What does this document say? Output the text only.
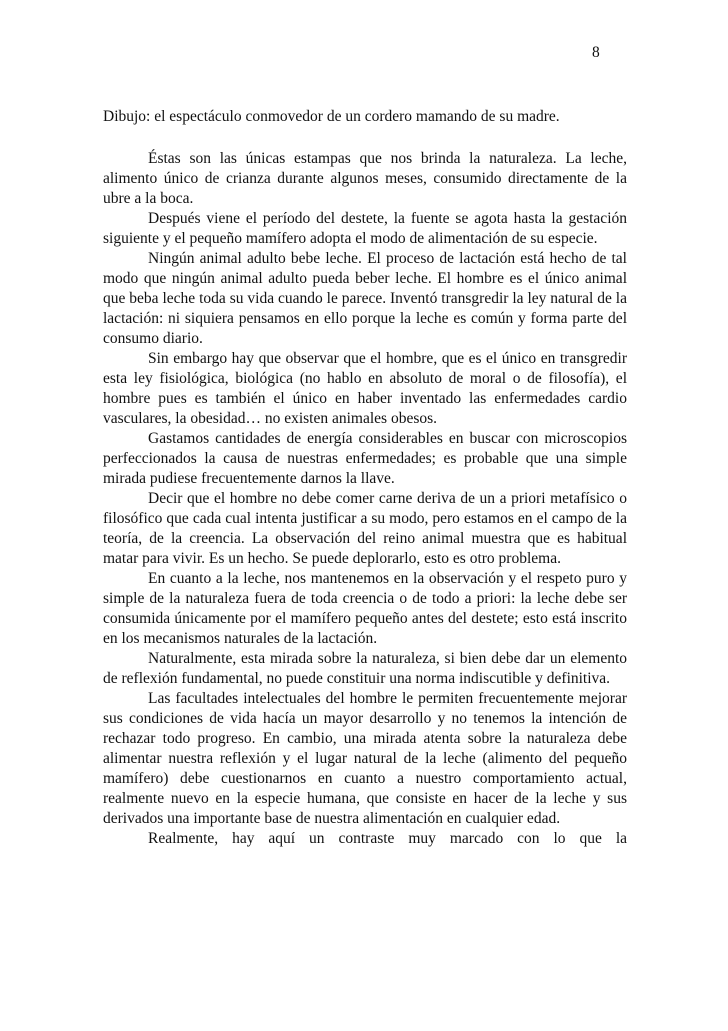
8
Dibujo: el espectáculo conmovedor de un cordero mamando de su madre.

Éstas son las únicas estampas que nos brinda la naturaleza. La leche, alimento único de crianza durante algunos meses, consumido directamente de la ubre a la boca.

Después viene el período del destete, la fuente se agota hasta la gestación siguiente y el pequeño mamífero adopta el modo de alimentación de su especie.

Ningún animal adulto bebe leche. El proceso de lactación está hecho de tal modo que ningún animal adulto pueda beber leche. El hombre es el único animal que beba leche toda su vida cuando le parece. Inventó transgredir la ley natural de la lactación: ni siquiera pensamos en ello porque la leche es común y forma parte del consumo diario.

Sin embargo hay que observar que el hombre, que es el único en transgredir esta ley fisiológica, biológica (no hablo en absoluto de moral o de filosofía), el hombre pues es también el único en haber inventado las enfermedades cardio vasculares, la obesidad… no existen animales obesos.

Gastamos cantidades de energía considerables en buscar con microscopios perfeccionados la causa de nuestras enfermedades; es probable que una simple mirada pudiese frecuentemente darnos la llave.

Decir que el hombre no debe comer carne deriva de un a priori metafísico o filosófico que cada cual intenta justificar a su modo, pero estamos en el campo de la teoría, de la creencia. La observación del reino animal muestra que es habitual matar para vivir. Es un hecho. Se puede deplorarlo, esto es otro problema.

En cuanto a la leche, nos mantenemos en la observación y el respeto puro y simple de la naturaleza fuera de toda creencia o de todo a priori: la leche debe ser consumida únicamente por el mamífero pequeño antes del destete; esto está inscrito en los mecanismos naturales de la lactación.

Naturalmente, esta mirada sobre la naturaleza, si bien debe dar un elemento de reflexión fundamental, no puede constituir una norma indiscutible y definitiva.

Las facultades intelectuales del hombre le permiten frecuentemente mejorar sus condiciones de vida hacía un mayor desarrollo y no tenemos la intención de rechazar todo progreso. En cambio, una mirada atenta sobre la naturaleza debe alimentar nuestra reflexión y el lugar natural de la leche (alimento del pequeño mamífero) debe cuestionarnos en cuanto a nuestro comportamiento actual, realmente nuevo en la especie humana, que consiste en hacer de la leche y sus derivados una importante base de nuestra alimentación en cualquier edad.

Realmente, hay aquí un contraste muy marcado con lo que la
